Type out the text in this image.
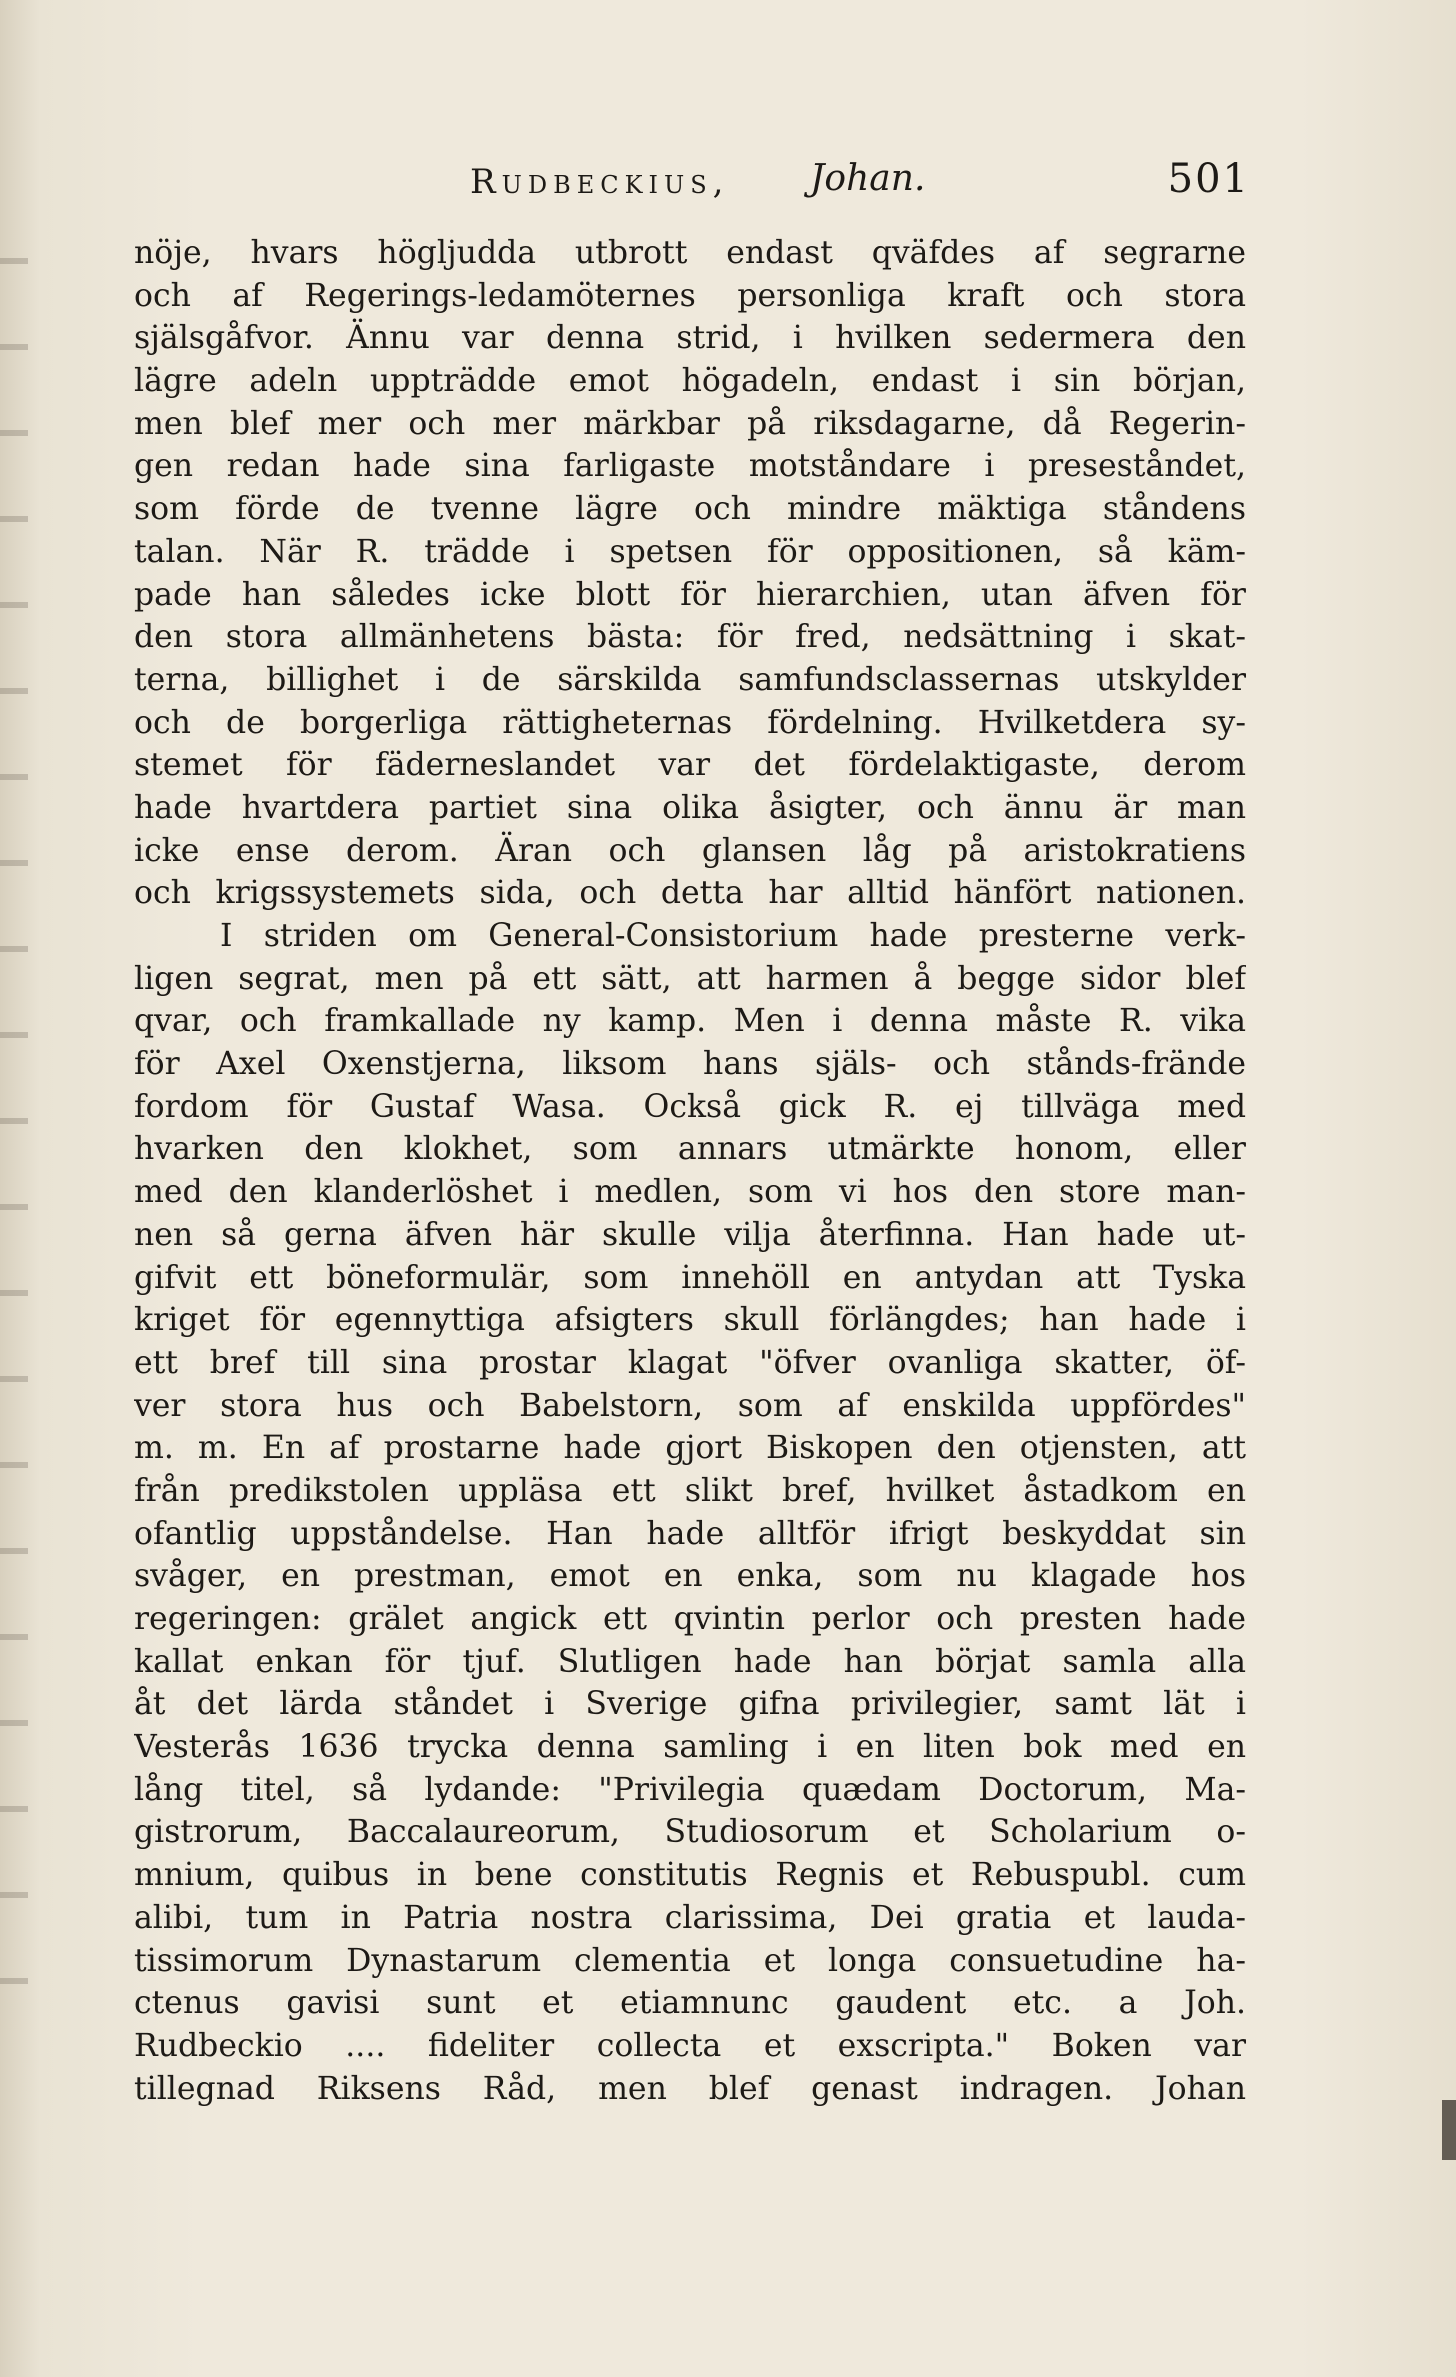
Rudbeckius, Johan.	501
nöje, hvars högljudda utbrott endast qväfdes af segrarne
och af Regerings-ledamöternes personliga kraft och stora
själsgåfvor. Ännu var denna strid, i hvilken sedermera den
lägre adeln uppträdde emot högadeln, endast i sin början,
men blef mer och mer märkbar på riksdagarne, då Regerin-
gen redan hade sina farligaste motståndare i preseståndet,
som förde de tvenne lägre och mindre mäktiga ståndens
talan. När R. trädde i spetsen för oppositionen, så käm-
pade han således icke blott för hierarchien, utan äfven för
den stora allmänhetens bästa: för fred, nedsättning i skat-
terna, billighet i de särskilda samfundsclassernas utskylder
och de borgerliga rättigheternas fördelning. Hvilketdera sy-
stemet för fäderneslandet var det fördelaktigaste, derom
hade hvartdera partiet sina olika åsigter, och ännu är man
icke ense derom. Äran och glansen låg på aristokratiens
och krigssystemets sida, och detta har alltid hänfört nationen.
I striden om General-Consistorium hade presterne verk-
ligen segrat, men på ett sätt, att harmen å begge sidor blef
qvar, och framkallade ny kamp. Men i denna måste R. vika
för Axel Oxenstjerna, liksom hans själs- och stånds-frände
fordom för Gustaf Wasa. Också gick R. ej tillväga med
hvarken den klokhet, som annars utmärkte honom, eller
med den klanderlöshet i medlen, som vi hos den store man-
nen så gerna äfven här skulle vilja återfinna. Han hade ut-
gifvit ett böneformulär, som innehöll en antydan att Tyska
kriget för egennyttiga afsigters skull förlängdes; han hade i
ett bref till sina prostar klagat "öfver ovanliga skatter, öf-
ver stora hus och Babelstorn, som af enskilda uppfördes"
m. m. En af prostarne hade gjort Biskopen den otjensten, att
från predikstolen uppläsa ett slikt bref, hvilket åstadkom en
ofantlig uppståndelse. Han hade alltför ifrigt beskyddat sin
svåger, en prestman, emot en enka, som nu klagade hos
regeringen: grälet angick ett qvintin perlor och presten hade
kallat enkan för tjuf. Slutligen hade han börjat samla alla
åt det lärda ståndet i Sverige gifna privilegier, samt lät i
Vesterås 1636 trycka denna samling i en liten bok med en
lång titel, så lydande: "Privilegia quædam Doctorum, Ma-
gistrorum, Baccalaureorum, Studiosorum et Scholarium o-
mnium, quibus in bene constitutis Regnis et Rebuspubl. cum
alibi, tum in Patria nostra clarissima, Dei gratia et lauda-
tissimorum Dynastarum clementia et longa consuetudine ha-
ctenus gavisi sunt et etiamnunc gaudent etc. a Joh.
Rudbeckio .... fideliter collecta et exscripta." Boken var
tillegnad Riksens Råd, men blef genast indragen. Johan
